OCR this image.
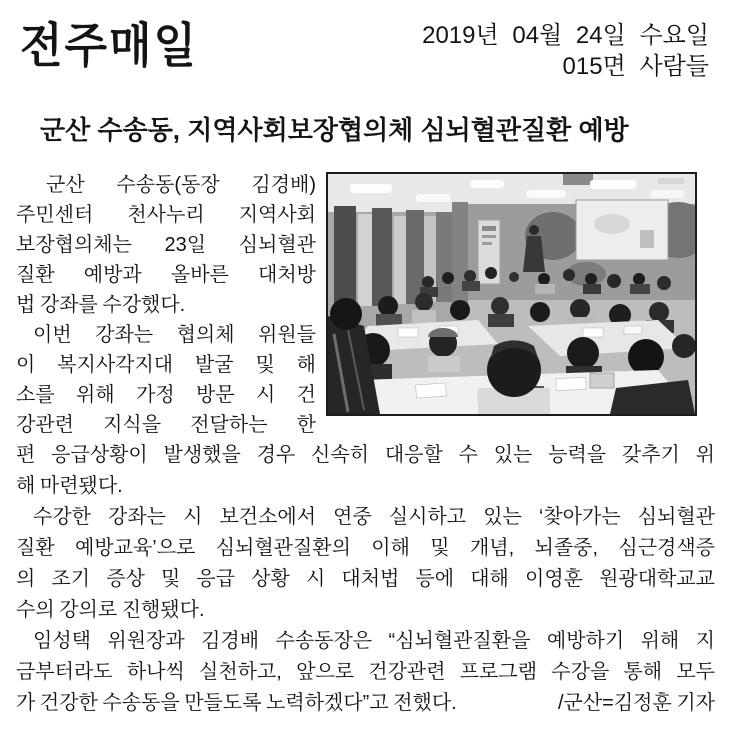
전주매일	2019년 04월 24일 수요일
015면 사람들
군산 수송동, 지역사회보장협의체 심뇌혈관질환 예방
군산 수송동(동장 김경배)
주민센터 천사누리 지역사회
보장협의체는 23일 심뇌혈관
질환 예방과 올바른 대처방
법 강좌를 수강했다.
이번 강좌는 협의체 위원들
이 복지사각지대 발굴 및 해
소를 위해 가정 방문 시 건
강관련 지식을 전달하는 한
편 응급상황이 발생했을 경우 신속히 대응할 수 있는 능력을 갖추기 위
해 마련됐다.
수강한 강좌는 시 보건소에서 연중 실시하고 있는 ‘찾아가는 심뇌혈관
질환 예방교육’으로 심뇌혈관질환의 이해 및 개념, 뇌졸중, 심근경색증
의 조기 증상 및 응급 상황 시 대처법 등에 대해 이영훈 원광대학교교
수의 강의로 진행됐다.
임성택 위원장과 김경배 수송동장은 “심뇌혈관질환을 예방하기 위해 지
금부터라도 하나씩 실천하고, 앞으로 건강관련 프로그램 수강을 통해 모두
가 건강한 수송동을 만들도록 노력하겠다”고 전했다.	/군산=김정훈 기자
